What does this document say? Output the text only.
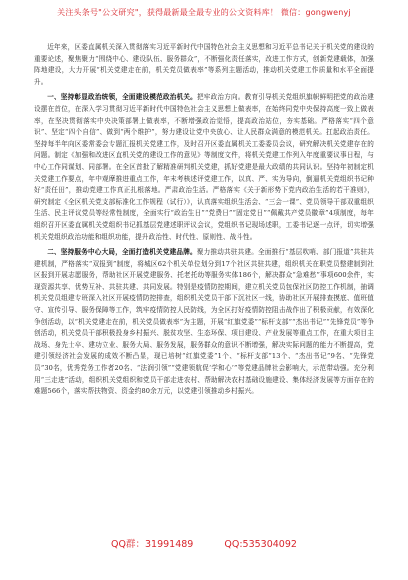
关注头条号"公文研究"，获得最新最全最专业的公文资料库！ 微信：gongwenyj

近年来，区委直属机关深入贯彻落实习近平新时代中国特色社会主义思想和习近平总书记关于机关党的建设的重要论述，聚焦聚力“围绕中心、建设队伍、服务群众”，不断强化责任落实，改进工作方式，创新党建载体，加强阵地建设，大力开展“机关党建走在前，机关党员做表率”等系列主题活动，推动机关党建工作质量和水平全面提升。

一、坚持彰显政治统领，全面建设模范政治机关。把牢政治方向。教育引导机关党组织旗帜鲜明把党的政治建设摆在首位，在深入学习贯彻习近平新时代中国特色社会主义思想上做表率，在始终同党中央保持高度一致上做表率，在坚决贯彻落实中央决策部署上做表率，不断增强政治觉悟，提高政治站位，夯实基础。严格落实“四个意识”、坚定“四个自信”、做到“两个维护”，努力建设让党中央放心、让人民群众满意的模范机关。扛起政治责任。坚持每半年向区委常委会专题汇报机关党建工作，及时召开区委直属机关工委委员会议，研究解决机关党建存在的问题。制定《加强和改进区直机关党的建设工作的意见》等制度文件，将机关党建工作列入年度重要议事日程，与中心工作同谋划、同部署。在全区首批了解精准研判机关党建，抓好党建是最大政绩的共同认识。坚持年初制定机关党建工作要点，年中观摩推进重点工作，年末考核述评党建工作，以真、严、实为导向，倒逼机关党组织书记种好“责任田”，推动党建工作真正扎根落地。严肃政治生活。严格落实《关于新形势下党内政治生活的若干准则》，研究制定《全区机关党支部标准化工作规程（试行）》，认真落实组织生活会、“三会一课”、党员领导干部双重组织生活、民主评议党员等经常性制度，全面实行“政治生日”“党费日”“固定党日”“佩戴共产党员徽章”4项制度，每年组织召开区委直属机关党组织书记抓基层党建述职评议会议，党组织书记现场述职，工委书记逐一点评，切实增强机关党组织政治功能和组织功能，提升政治性、时代性、原则性、战斗性。

二、坚持服务中心大局，全面打造机关党建品牌。聚力推动共驻共建。全面推行“基层吹哨、部门报道”共驻共建机制，严格落实“双报到”制度，将城区62个机关单位划分到17个社区共驻共建，组织机关在职党员整建制到社区报到开展志愿服务，帮助社区开展党建服务、托老托幼等服务实体186个，解决群众“急难愁”事项600余件，实现资源共享、优势互补、共驻共建、共同发展。特别是疫情防控期间，建立机关党员包保社区防控工作机制，抽调机关党员组建专班深入社区开展疫情防控排查，组织机关党员干部下沉社区一线，协助社区开展排查摸底、值班值守、宣传引导、服务保障等工作，筑牢疫情防控人民防线，为全区打好疫情防控阻击战作出了积极贡献，有效深化争创活动，以“机关党建走在前，机关党员做表率”为主题，开展“红旗党委”“标杆支部”“杰出书记”“先锋党员”等争创活动，机关党员干部积极投身乡村振兴、脱贫攻坚、生态环保、项目建设、产业发展等重点工作，在重大项目主战场、身先士卒、建功立业、服务大局、服务发展，服务群众的意识不断增强，解决实际问题的能力不断提高，党建引领经济社会发展的成效不断凸显，现已培树“红旗党委”1个、“标杆支部”13个、“杰出书记”9名、“先锋党员”30名，优秀党务工作者20名、“法润引领”“党建领航促‘学和心’”等党建品牌社会影响大，示范带动强。充分利用“三走进”活动，组织机关党组织和党员干部走进农村、帮助解决农村基础设施建设、集体经济发展等方面存在的难题566个，落实帮扶物资、资金约80余万元，以党建引领推动乡村振兴。

QQ群：31991489	QQ:535304092
